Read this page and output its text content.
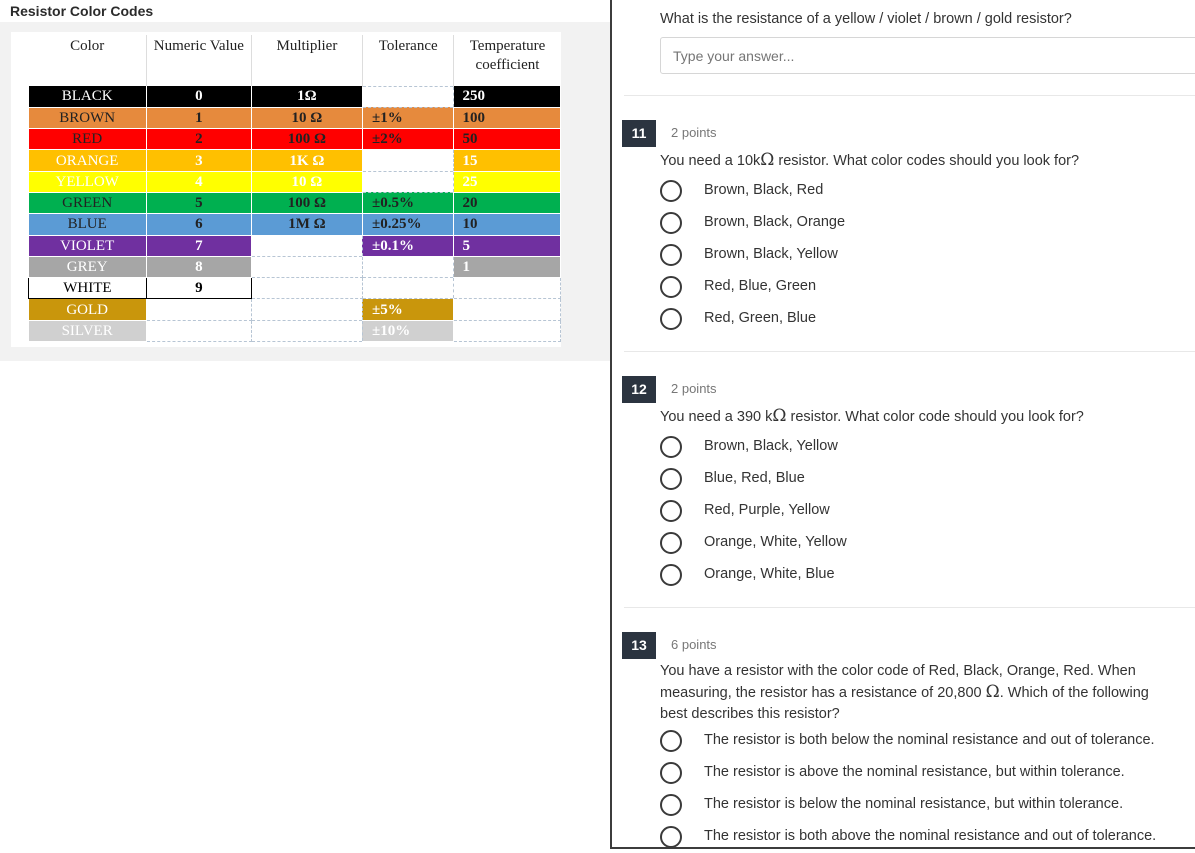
Resistor Color Codes
Color	Numeric Value	Multiplier	Tolerance	Temperature coefficient
BLACK	0	1Ω		250
BROWN	1	10 Ω	±1%	100
RED	2	100 Ω	±2%	50
ORANGE	3	1K Ω		15
YELLOW	4	10 Ω		25
GREEN	5	100 Ω	±0.5%	20
BLUE	6	1M Ω	±0.25%	10
VIOLET	7		±0.1%	5
GREY	8			1
WHITE	9			
GOLD			±5%	
SILVER			±10%	
What is the resistance of a yellow / violet / brown / gold resistor?
Type your answer...
11	2 points
You need a 10kΩ resistor. What color codes should you look for?
Brown, Black, Red
Brown, Black, Orange
Brown, Black, Yellow
Red, Blue, Green
Red, Green, Blue
12	2 points
You need a 390 kΩ resistor. What color code should you look for?
Brown, Black, Yellow
Blue, Red, Blue
Red, Purple, Yellow
Orange, White, Yellow
Orange, White, Blue
13	6 points
You have a resistor with the color code of Red, Black, Orange, Red. When
measuring, the resistor has a resistance of 20,800 Ω. Which of the following
best describes this resistor?
The resistor is both below the nominal resistance and out of tolerance.
The resistor is above the nominal resistance, but within tolerance.
The resistor is below the nominal resistance, but within tolerance.
The resistor is both above the nominal resistance and out of tolerance.
